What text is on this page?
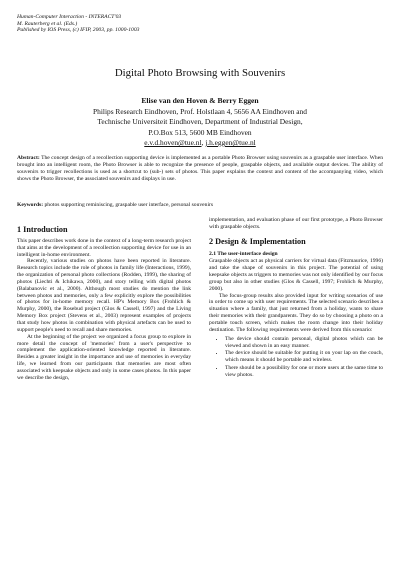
Human-Computer Interaction - INTERACT'03
M. Rauterberg et al. (Eds.)
Published by IOS Press, (c) IFIP, 2003, pp. 1000-1003
Digital Photo Browsing with Souvenirs
Elise van den Hoven & Berry Eggen
Philips Research Eindhoven, Prof. Holstlaan 4, 5656 AA Eindhoven and
Technische Universiteit Eindhoven, Department of Industrial Design,
P.O.Box 513, 5600 MB Eindhoven
e.v.d.hoven@tue.nl, j.h.eggen@tue.nl
Abstract: The concept design of a recollection supporting device is implemented as a portable Photo Browser using souvenirs as a graspable user interface. When brought into an intelligent room, the Photo Browser is able to recognize the presence of people, graspable objects, and available output devices. The ability of souvenirs to trigger recollections is used as a shortcut to (sub-) sets of photos. This paper explains the context and content of the accompanying video, which shows the Photo Browser, the associated souvenirs and displays in use.
Keywords: photos supporting reminiscing, graspable user interface, personal souvenirs
1 Introduction

This paper describes work done in the context of a long-term research project that aims at the development of a recollection supporting device for use in an intelligent in-home environment.

Recently, various studies on photos have been reported in literature. Research topics include the role of photos in family life (Interactions, 1999), the organization of personal photo collections (Rodden, 1999), the sharing of photos (Liechti & Ichikawa, 2000), and story telling with digital photos (Balabanovic et al., 2000). Although most studies do mention the link between photos and memories, only a few explicitly explore the possibilities of photos for in-home memory recall. HP's Memory Box (Frohlich & Murphy, 2000), the Rosebud project (Glos & Cassell, 1997) and the Living Memory Box project (Stevens et al., 2003) represent examples of projects that study how photos in combination with physical artefacts can be used to support people's need to recall and share memories.

At the beginning of the project we organized a focus group to explore in more detail the concept of 'memories' from a user's perspective to complement the application-oriented knowledge reported in literature. Besides a greater insight in the importance and use of memories in everyday life, we learned from our participants that memories are most often associated with keepsake objects and only in some cases photos. In this paper we describe the design,

implementation, and evaluation phase of our first prototype, a Photo Browser with graspable objects.

2 Design & Implementation
2.1 The user-interface design

Graspable objects act as physical carriers for virtual data (Fitzmaurice, 1996) and take the shape of souvenirs in this project. The potential of using keepsake objects as triggers to memories was not only identified by our focus group but also in other studies (Glos & Cassell, 1997; Frohlich & Murphy, 2000).

The focus-group results also provided input for writing scenarios of use in order to come up with user requirements. The selected scenario describes a situation where a family, that just returned from a holiday, wants to share their memories with their grandparents. They do so by choosing a photo on a portable touch screen, which makes the room change into their holiday destination. The following requirements were derived from this scenario:

• The device should contain personal, digital photos which can be viewed and shown in an easy manner.
• The device should be suitable for putting it on your lap on the couch, which means it should be portable and wireless.
• There should be a possibility for one or more users at the same time to view photos.
